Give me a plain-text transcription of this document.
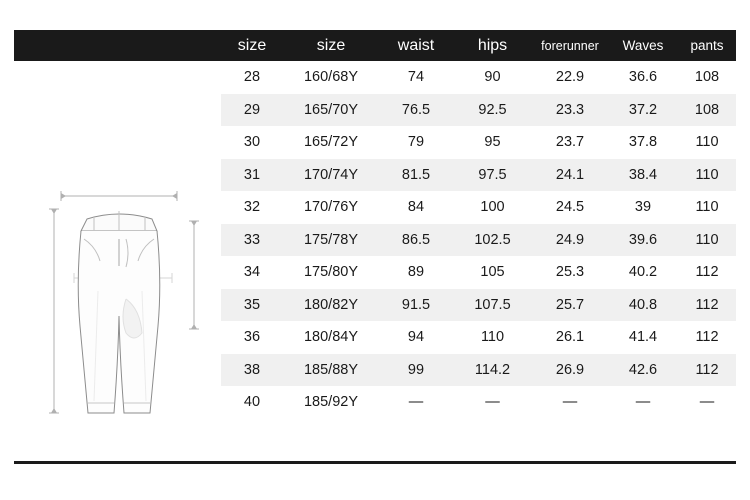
size	size	waist	hips	forerunner	Waves	pants
28	160/68Y	74	90	22.9	36.6	108
29	165/70Y	76.5	92.5	23.3	37.2	108
30	165/72Y	79	95	23.7	37.8	110
31	170/74Y	81.5	97.5	24.1	38.4	110
32	170/76Y	84	100	24.5	39	110
33	175/78Y	86.5	102.5	24.9	39.6	110
34	175/80Y	89	105	25.3	40.2	112
35	180/82Y	91.5	107.5	25.7	40.8	112
36	180/84Y	94	110	26.1	41.4	112
38	185/88Y	99	114.2	26.9	42.6	112
40	185/92Y	—	—	—	—	—
